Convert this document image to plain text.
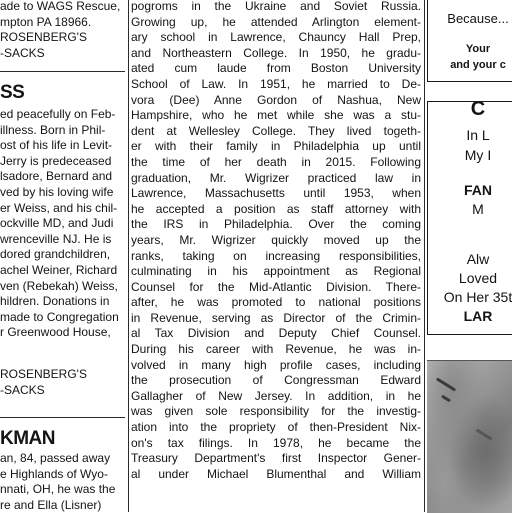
ade to WAGS Rescue,
mpton PA 18966.
ROSENBERG'S
-SACKS
SS
ed peacefully on Feb-
illness. Born in Phil-
ost of his life in Levit-
Jerry is predeceased
lsadore, Bernard and
ved by his loving wife
er Weiss, and his chil-
ockville MD, and Judi
wrenceville NJ. He is
dored grandchildren,
achel Weiner, Richard
ven (Rebekah) Weiss,
hildren. Donations in
made to Congregation
r Greenwood House,
ROSENBERG'S
-SACKS
KMAN
an, 84, passed away
e Highlands of Wyo-
nnati, OH, he was the
re and Ella (Lisner)
pogroms in the Ukraine and Soviet Russia.
Growing up, he attended Arlington element-
ary school in Lawrence, Chauncy Hall Prep,
and Northeastern College. In 1950, he gradu-
ated cum laude from Boston University
School of Law. In 1951, he married to De-
vora (Dee) Anne Gordon of Nashua, New
Hampshire, who he met while she was a stu-
dent at Wellesley College. They lived togeth-
er with their family in Philadelphia up until
the time of her death in 2015. Following
graduation, Mr. Wigrizer practiced law in
Lawrence, Massachusetts until 1953, when
he accepted a position as staff attorney with
the IRS in Philadelphia. Over the coming
years, Mr. Wigrizer quickly moved up the
ranks, taking on increasing responsibilities,
culminating in his appointment as Regional
Counsel for the Mid-Atlantic Division. There-
after, he was promoted to national positions
in Revenue, serving as Director of the Crimin-
al Tax Division and Deputy Chief Counsel.
During his career with Revenue, he was in-
volved in many high profile cases, including
the prosecution of Congressman Edward
Gallagher of New Jersey. In addition, in he
was given sole responsibility for the investig-
ation into the propriety of then-President Nix-
on's tax filings. In 1978, he became the
Treasury Department's first Inspector Gener-
al under Michael Blumenthal and William
Because...
Your
and your c
C
In L
My I
FAN
M
Alw
Loved
On Her 35t
LAR
